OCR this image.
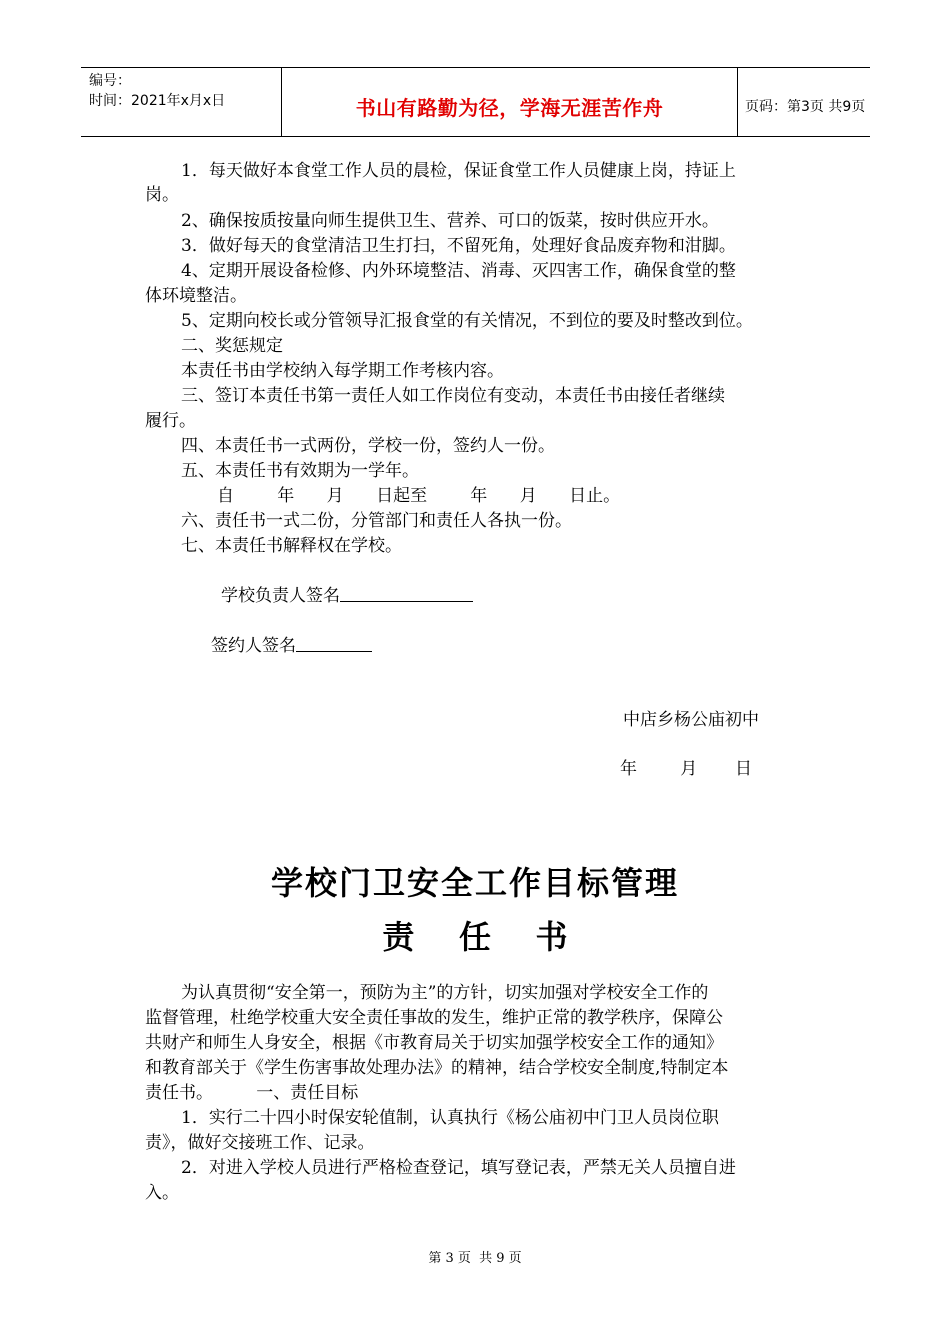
编号：
时间：2021年x月x日	书山有路勤为径，学海无涯苦作舟	页码：第3页 共9页
1．每天做好本食堂工作人员的晨检，保证食堂工作人员健康上岗，持证上
岗。
2、确保按质按量向师生提供卫生、营养、可口的饭菜，按时供应开水。
3．做好每天的食堂清洁卫生打扫，不留死角，处理好食品废弃物和泔脚。
4、定期开展设备检修、内外环境整洁、消毒、灭四害工作，确保食堂的整
体环境整洁。
5、定期向校长或分管领导汇报食堂的有关情况，不到位的要及时整改到位。
二、奖惩规定
本责任书由学校纳入每学期工作考核内容。
三、签订本责任书第一责任人如工作岗位有变动，本责任书由接任者继续
履行。
四、本责任书一式两份，学校一份，签约人一份。
五、本责任书有效期为一学年。
自        年      月      日起至        年      月      日止。
六、责任书一式二份，分管部门和责任人各执一份。
七、本责任书解释权在学校。
学校负责人签名
签约人签名
中店乡杨公庙初中
年        月       日
学校门卫安全工作目标管理
责    任    书
为认真贯彻“安全第一，预防为主”的方针，切实加强对学校安全工作的
监督管理，杜绝学校重大安全责任事故的发生，维护正常的教学秩序，保障公
共财产和师生人身安全，根据《市教育局关于切实加强学校安全工作的通知》
和教育部关于《学生伤害事故处理办法》的精神，结合学校安全制度,特制定本
责任书。        一、责任目标
1．实行二十四小时保安轮值制，认真执行《杨公庙初中门卫人员岗位职
责》，做好交接班工作、记录。
2．对进入学校人员进行严格检查登记，填写登记表，严禁无关人员擅自进
入。
第 3 页  共 9 页
